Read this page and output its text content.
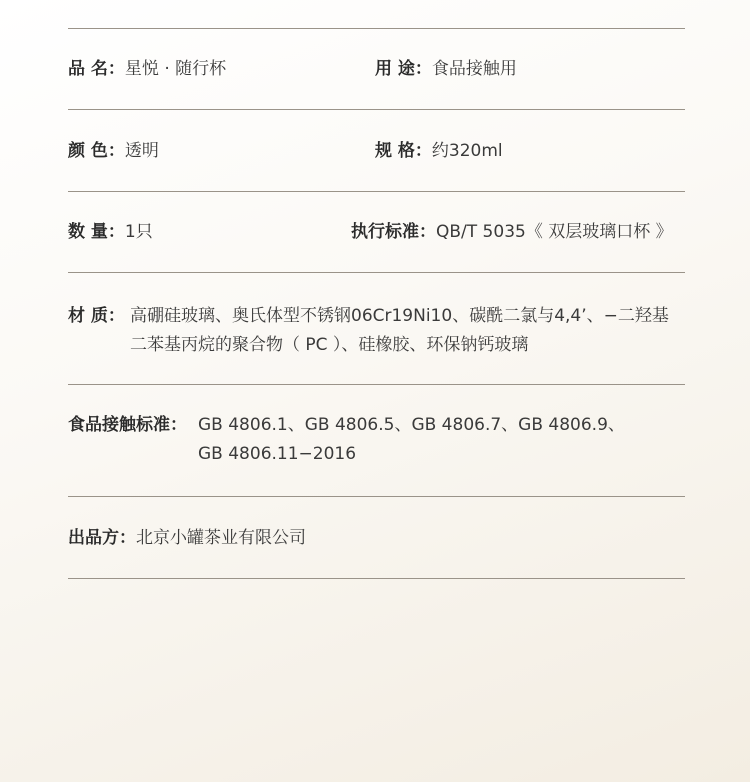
品 名：星悦 · 随行杯	用 途：食品接触用
颜 色：透明	规 格：约320ml
数 量：1只	执行标准：QB/T 5035《 双层玻璃口杯 》
材 质： 高硼硅玻璃、奥氏体型不锈钢06Cr19Ni10、碳酰二氯与4,4’、−二羟基
二苯基丙烷的聚合物（ PC ）、硅橡胶、环保钠钙玻璃
食品接触标准： GB 4806.1、GB 4806.5、GB 4806.7、GB 4806.9、
GB 4806.11−2016
出品方：北京小罐茶业有限公司
